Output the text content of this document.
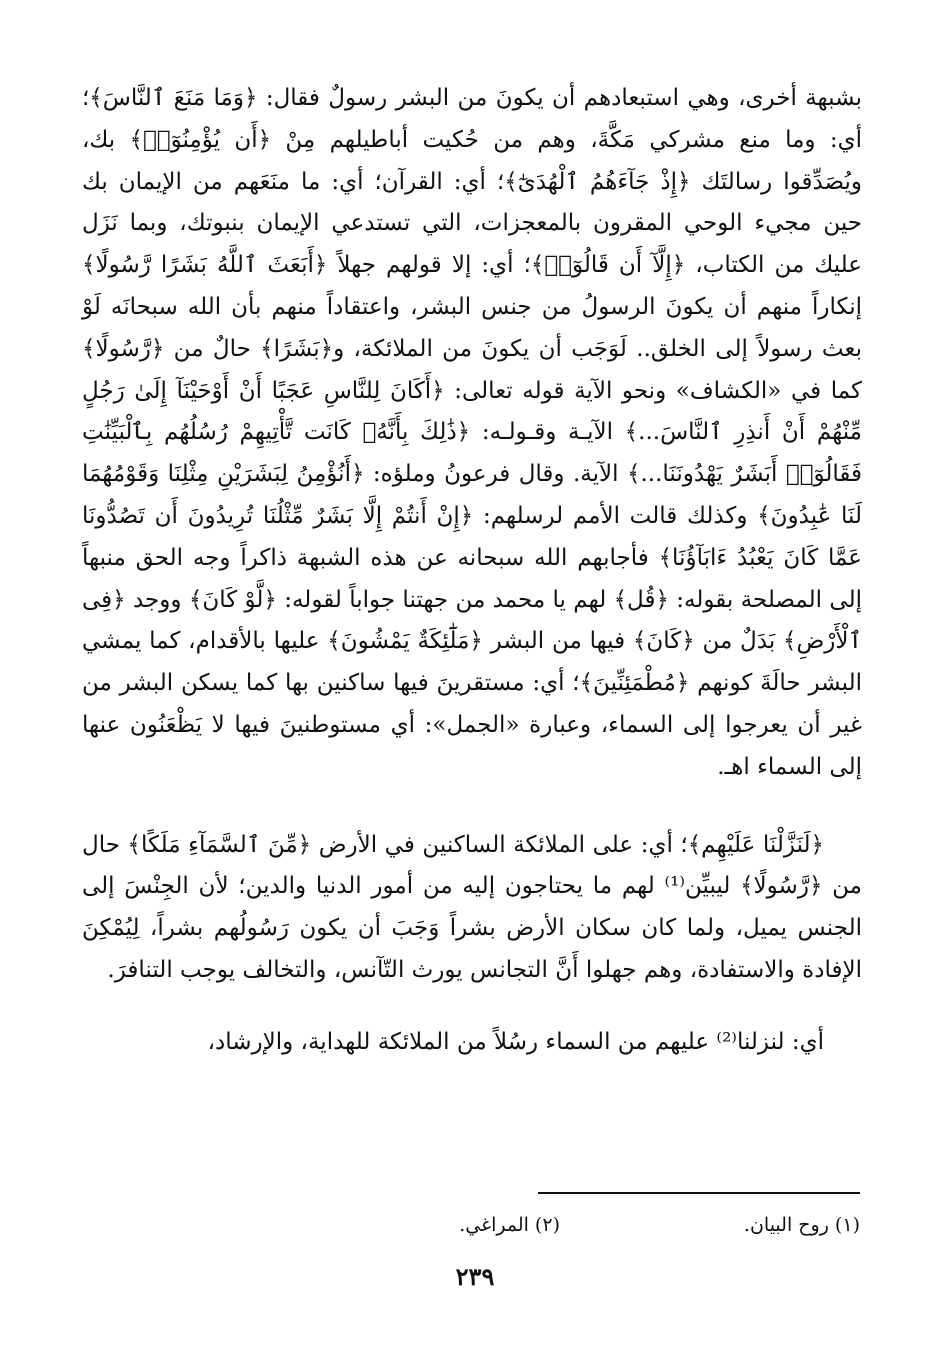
بشبهة أخرى، وهي استبعادهم أن يكونَ من البشر رسولٌ فقال: ﴿وَمَا مَنَعَ ٱلنَّاسَ﴾؛ أي: وما منع مشركي مَكَّةَ، وهم من حُكيت أباطيلهم مِنْ ﴿أَن يُؤْمِنُوٓا۟﴾ بك، ويُصَدِّقوا رسالتَك ﴿إِذْ جَآءَهُمُ ٱلْهُدَىٰٓ﴾؛ أي: القرآن؛ أي: ما منَعَهم من الإيمان بك حين مجيء الوحي المقرون بالمعجزات، التي تستدعي الإيمان بنبوتك، وبما نَزَل عليك من الكتاب، ﴿إِلَّآ أَن قَالُوٓا۟﴾؛ أي: إلا قولهم جهلاً ﴿أَبَعَثَ ٱللَّهُ بَشَرًا رَّسُولًا﴾ إنكاراً منهم أن يكونَ الرسولُ من جنس البشر، واعتقاداً منهم بأن الله سبحانَه لَوْ بعث رسولاً إلى الخلق.. لَوَجَب أن يكونَ من الملائكة، و﴿بَشَرًا﴾ حالٌ من ﴿رَّسُولًا﴾ كما في «الكشاف» ونحو الآية قوله تعالى: ﴿أَكَانَ لِلنَّاسِ عَجَبًا أَنْ أَوْحَيْنَآ إِلَىٰ رَجُلٍ مِّنْهُمْ أَنْ أَنذِرِ ٱلنَّاسَ...﴾ الآيـة وقـولـه: ﴿ذَٰلِكَ بِأَنَّهُۥ كَانَت تَّأْتِيهِمْ رُسُلُهُم بِٱلْبَيِّنَٰتِ فَقَالُوٓا۟ أَبَشَرٌ يَهْدُونَنَا...﴾ الآية. وقال فرعونُ وملؤه: ﴿أَنُؤْمِنُ لِبَشَرَيْنِ مِثْلِنَا وَقَوْمُهُمَا لَنَا عَٰبِدُونَ﴾ وكذلك قالت الأمم لرسلهم: ﴿إِنْ أَنتُمْ إِلَّا بَشَرٌ مِّثْلُنَا تُرِيدُونَ أَن تَصُدُّونَا عَمَّا كَانَ يَعْبُدُ ءَابَآؤُنَا﴾ فأجابهم الله سبحانه عن هذه الشبهة ذاكراً وجه الحق منبهاً إلى المصلحة بقوله: ﴿قُل﴾ لهم يا محمد من جهتنا جواباً لقوله: ﴿لَّوْ كَانَ﴾ ووجد ﴿فِى ٱلْأَرْضِ﴾ بَدَلٌ من ﴿كَانَ﴾ فيها من البشر ﴿مَلَٰٓئِكَةٌ يَمْشُونَ﴾ عليها بالأقدام، كما يمشي البشر حالَةَ كونهم ﴿مُطْمَئِنِّينَ﴾؛ أي: مستقرينَ فيها ساكنين بها كما يسكن البشر من غير أن يعرجوا إلى السماء، وعبارة «الجمل»: أي مستوطنينَ فيها لا يَظْعَنُون عنها إلى السماء اهـ.

﴿لَنَزَّلْنَا عَلَيْهِم﴾؛ أي: على الملائكة الساكنين في الأرض ﴿مِّنَ ٱلسَّمَآءِ مَلَكًا﴾ حال من ﴿رَّسُولًا﴾ ليبيِّن⁽¹⁾ لهم ما يحتاجون إليه من أمور الدنيا والدين؛ لأن الجِنْسَ إلى الجنس يميل، ولما كان سكان الأرض بشراً وَجَبَ أن يكون رَسُولُهم بشراً، لِيُمْكِنَ الإفادة والاستفادة، وهم جهلوا أَنَّ التجانس يورث التّآنس، والتخالف يوجب التنافرَ.

أي: لنزلنا⁽²⁾ عليهم من السماء رسُلاً من الملائكة للهداية، والإرشاد،

(١) روح البيان.
(٢) المراغي.
٢٣٩
